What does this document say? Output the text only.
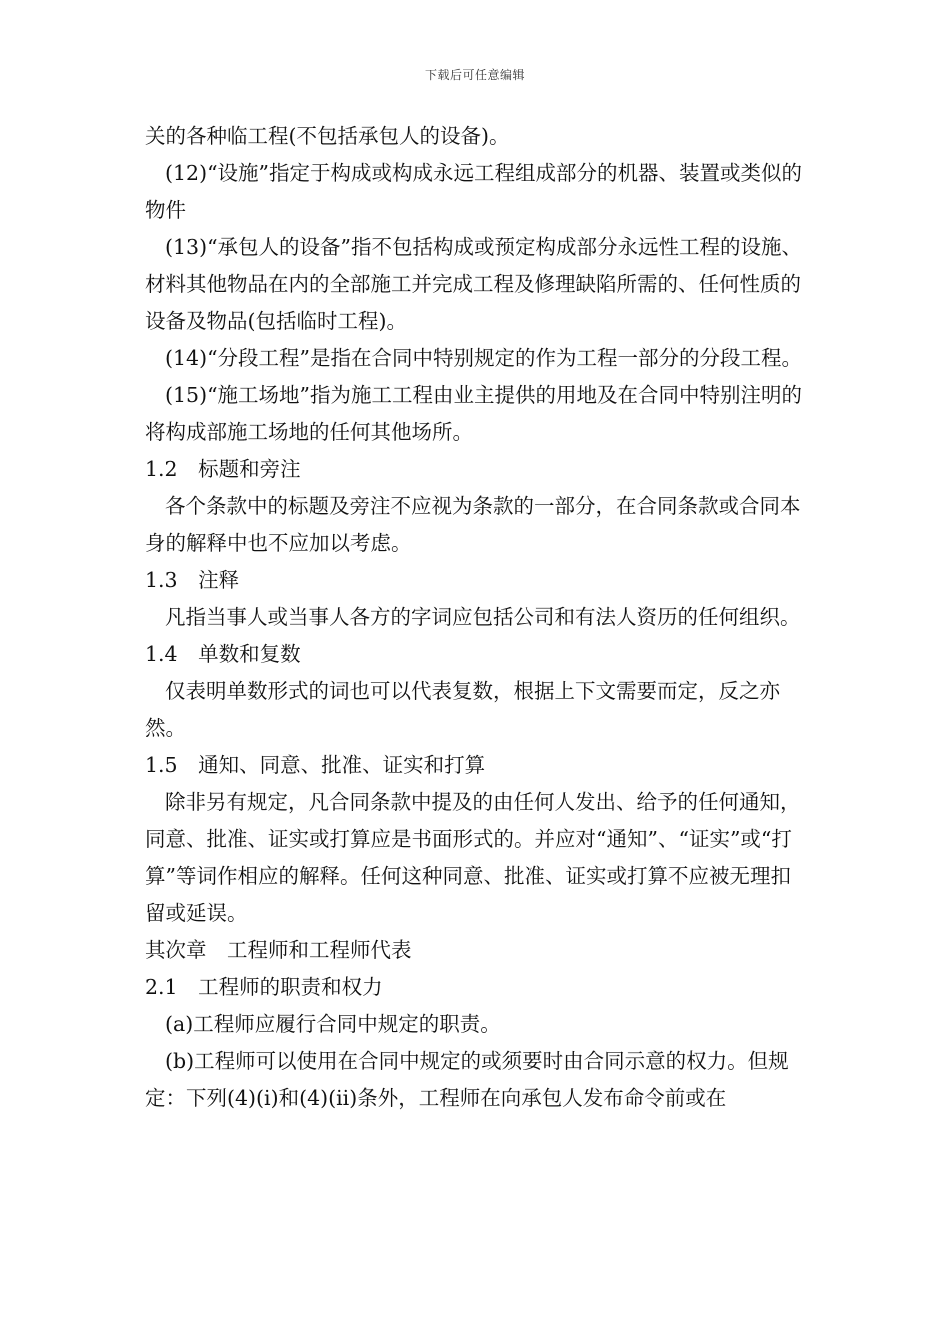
下载后可任意编辑

关的各种临工程(不包括承包人的设备)。

(12)“设施”指定于构成或构成永远工程组成部分的机器、装置或类似的物件

(13)“承包人的设备”指不包括构成或预定构成部分永远性工程的设施、材料其他物品在内的全部施工并完成工程及修理缺陷所需的、任何性质的设备及物品(包括临时工程)。

(14)“分段工程”是指在合同中特别规定的作为工程一部分的分段工程。

(15)“施工场地”指为施工工程由业主提供的用地及在合同中特别注明的将构成部施工场地的任何其他场所。

1.2　标题和旁注

各个条款中的标题及旁注不应视为条款的一部分，在合同条款或合同本身的解释中也不应加以考虑。

1.3　注释

凡指当事人或当事人各方的字词应包括公司和有法人资历的任何组织。

1.4　单数和复数

仅表明单数形式的词也可以代表复数，根据上下文需要而定，反之亦然。

1.5　通知、同意、批准、证实和打算

除非另有规定，凡合同条款中提及的由任何人发出、给予的任何通知，同意、批准、证实或打算应是书面形式的。并应对“通知”、“证实”或“打算”等词作相应的解释。任何这种同意、批准、证实或打算不应被无理扣留或延误。

其次章　工程师和工程师代表

2.1　工程师的职责和权力

(a)工程师应履行合同中规定的职责。

(b)工程师可以使用在合同中规定的或须要时由合同示意的权力。但规定：下列(4)(i)和(4)(ii)条外，工程师在向承包人发布命令前或在
